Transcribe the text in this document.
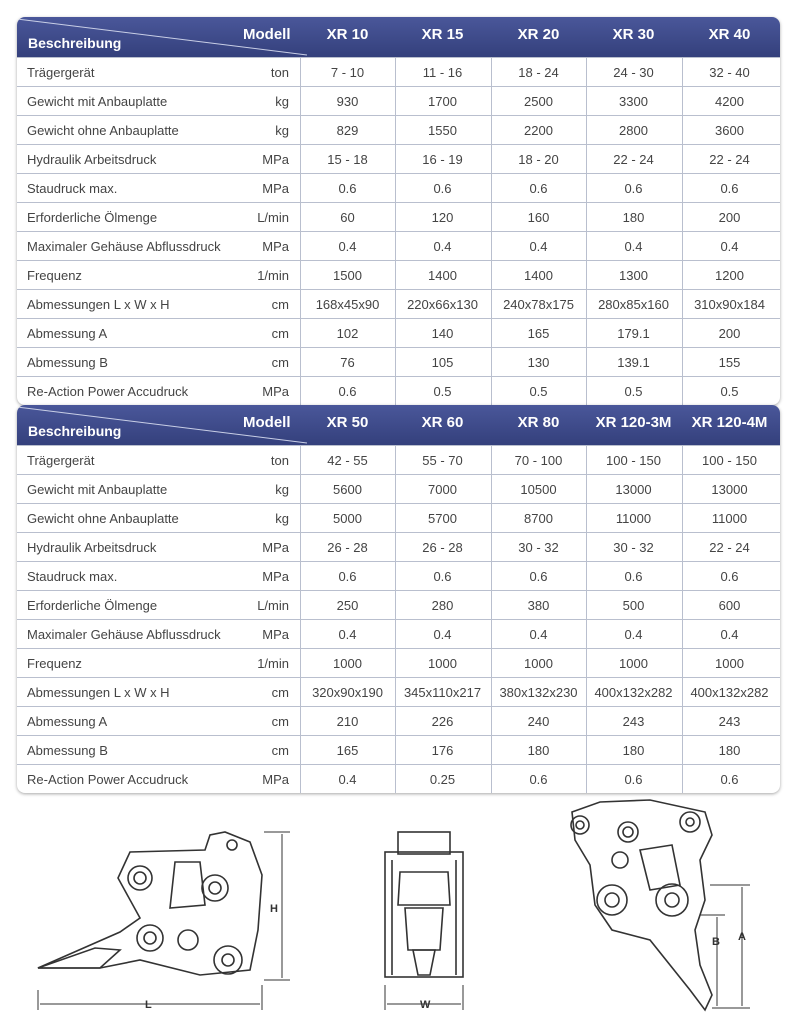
Beschreibung	Modell	XR 10	XR 15	XR 20	XR 30	XR 40
Trägergerät	ton	7 - 10	11 - 16	18 - 24	24 - 30	32 - 40
Gewicht mit Anbauplatte	kg	930	1700	2500	3300	4200
Gewicht ohne Anbauplatte	kg	829	1550	2200	2800	3600
Hydraulik Arbeitsdruck	MPa	15 - 18	16 - 19	18 - 20	22 - 24	22 - 24
Staudruck max.	MPa	0.6	0.6	0.6	0.6	0.6
Erforderliche Ölmenge	L/min	60	120	160	180	200
Maximaler Gehäuse Abflussdruck	MPa	0.4	0.4	0.4	0.4	0.4
Frequenz	1/min	1500	1400	1400	1300	1200
Abmessungen L x W x H	cm	168x45x90	220x66x130	240x78x175	280x85x160	310x90x184
Abmessung A	cm	102	140	165	179.1	200
Abmessung B	cm	76	105	130	139.1	155
Re-Action Power Accudruck	MPa	0.6	0.5	0.5	0.5	0.5
Beschreibung	Modell	XR 50	XR 60	XR 80	XR 120-3M	XR 120-4M
Trägergerät	ton	42 - 55	55 - 70	70 - 100	100 - 150	100 - 150
Gewicht mit Anbauplatte	kg	5600	7000	10500	13000	13000
Gewicht ohne Anbauplatte	kg	5000	5700	8700	11000	11000
Hydraulik Arbeitsdruck	MPa	26 - 28	26 - 28	30 - 32	30 - 32	22 - 24
Staudruck max.	MPa	0.6	0.6	0.6	0.6	0.6
Erforderliche Ölmenge	L/min	250	280	380	500	600
Maximaler Gehäuse Abflussdruck	MPa	0.4	0.4	0.4	0.4	0.4
Frequenz	1/min	1000	1000	1000	1000	1000
Abmessungen L x W x H	cm	320x90x190	345x110x217	380x132x230	400x132x282	400x132x282
Abmessung A	cm	210	226	240	243	243
Abmessung B	cm	165	176	180	180	180
Re-Action Power Accudruck	MPa	0.4	0.25	0.6	0.6	0.6
H
L	W
A
B
